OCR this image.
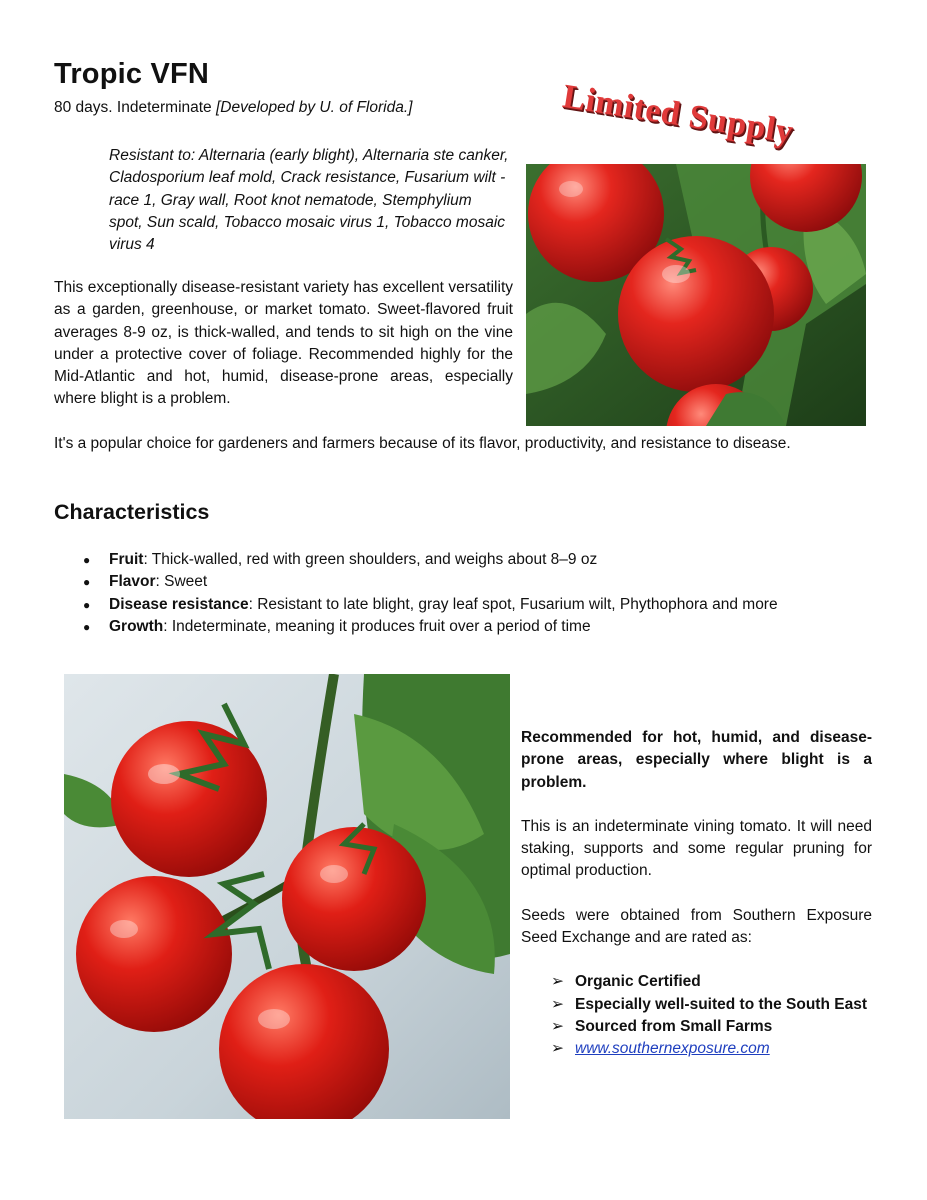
Tropic VFN
80 days. Indeterminate [Developed by U. of Florida.]	Limited Supply
Resistant to: Alternaria (early blight), Alternaria ste canker, Cladosporium leaf mold, Crack resistance, Fusarium wilt - race 1, Gray wall, Root knot nematode, Stemphylium spot, Sun scald, Tobacco mosaic virus 1, Tobacco mosaic virus 4
This exceptionally disease-resistant variety has excellent versatility as a garden, greenhouse, or market tomato. Sweet-flavored fruit averages 8-9 oz, is thick-walled, and tends to sit high on the vine under a protective cover of foliage. Recommended highly for the Mid-Atlantic and hot, humid, disease-prone areas, especially where blight is a problem.
It's a popular choice for gardeners and farmers because of its flavor, productivity, and resistance to disease.
Characteristics
● Fruit: Thick-walled, red with green shoulders, and weighs about 8–9 oz
● Flavor: Sweet
● Disease resistance: Resistant to late blight, gray leaf spot, Fusarium wilt, Phythophora and more
● Growth: Indeterminate, meaning it produces fruit over a period of time

Recommended for hot, humid, and disease-prone areas, especially where blight is a problem.

This is an indeterminate vining tomato. It will need staking, supports and some regular pruning for optimal production.

Seeds were obtained from Southern Exposure Seed Exchange and are rated as:

➢ Organic Certified
➢ Especially well-suited to the South East
➢ Sourced from Small Farms
➢ www.southernexposure.com
